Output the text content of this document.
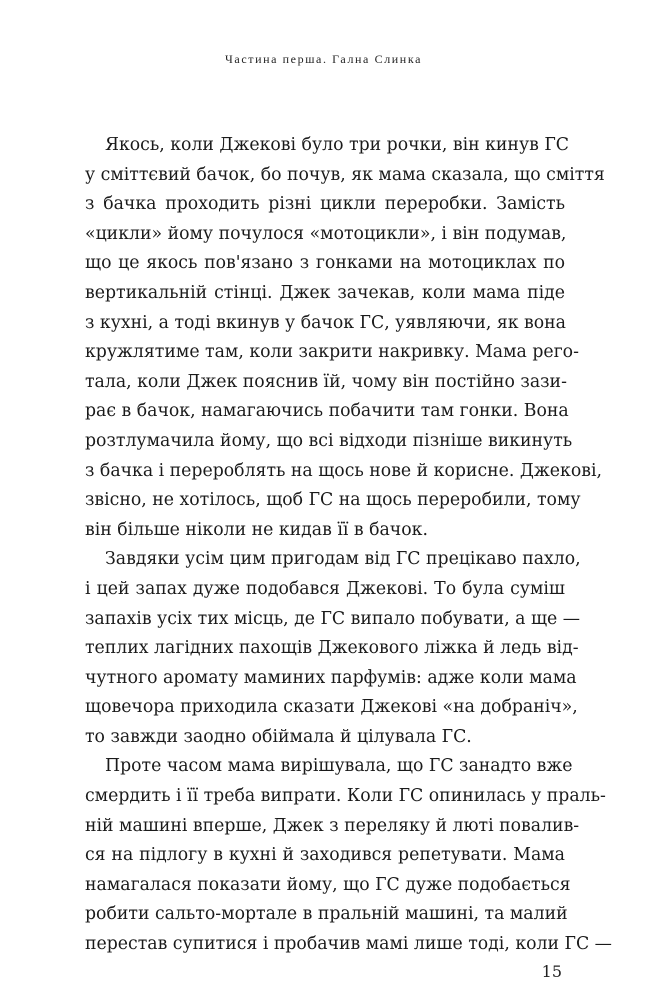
Частина перша. Гална Слинка
Якось, коли Джекові було три рочки, він кинув ГС
у сміттєвий бачок, бо почув, як мама сказала, що сміття
з бачка проходить різні цикли переробки. Замість
«цикли» йому почулося «мотоцикли», і він подумав,
що це якось пов'язано з гонками на мотоциклах по
вертикальній стінці. Джек зачекав, коли мама піде
з кухні, а тоді вкинув у бачок ГС, уявляючи, як вона
кружлятиме там, коли закрити накривку. Мама рего-
тала, коли Джек пояснив їй, чому він постійно зази-
рає в бачок, намагаючись побачити там гонки. Вона
розтлумачила йому, що всі відходи пізніше викинуть
з бачка і перероблять на щось нове й корисне. Джекові,
звісно, не хотілось, щоб ГС на щось переробили, тому
він більше ніколи не кидав її в бачок.
Завдяки усім цим пригодам від ГС прецікаво пахло,
і цей запах дуже подобався Джекові. То була суміш
запахів усіх тих місць, де ГС випало побувати, а ще —
теплих лагідних пахощів Джекового ліжка й ледь від-
чутного аромату маминих парфумів: адже коли мама
щовечора приходила сказати Джекові «на добраніч»,
то завжди заодно обіймала й цілувала ГС.
Проте часом мама вирішувала, що ГС занадто вже
смердить і її треба випрати. Коли ГС опинилась у праль-
ній машині вперше, Джек з переляку й люті повалив-
ся на підлогу в кухні й заходився репетувати. Мама
намагалася показати йому, що ГС дуже подобається
робити сальто-мортале в пральній машині, та малий
перестав супитися і пробачив мамі лише тоді, коли ГС —
15
